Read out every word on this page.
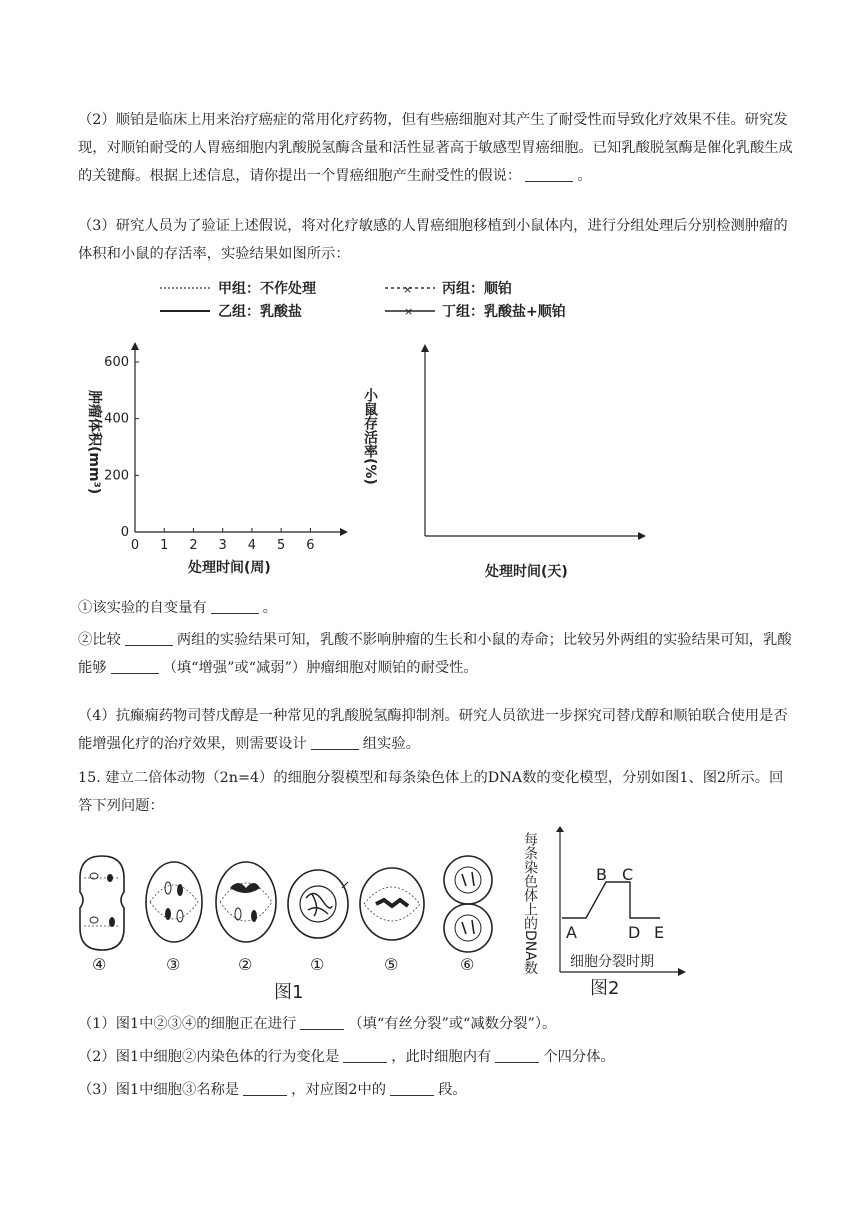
（2）顺铂是临床上用来治疗癌症的常用化疗药物，但有些癌细胞对其产生了耐受性而导致化疗效果不佳。研究发现，对顺铂耐受的人胃癌细胞内乳酸脱氢酶含量和活性显著高于敏感型胃癌细胞。已知乳酸脱氢酶是催化乳酸生成的关键酶。根据上述信息，请你提出一个胃癌细胞产生耐受性的假说：	。

（3）研究人员为了验证上述假说，将对化疗敏感的人胃癌细胞移植到小鼠体内，进行分组处理后分别检测肿瘤的体积和小鼠的存活率，实验结果如图所示：

甲组：不作处理
乙组：乳酸盐
× 丙组：顺铂
× 丁组：乳酸盐+顺铂
0 1 2 3 4 5 6
0
200
400
600
肿瘤体积(mm³)
处理时间(周)
小鼠存活率(%)
处理时间(天)

①该实验的自变量有	。

②比较	两组的实验结果可知，乳酸不影响肿瘤的生长和小鼠的寿命；比较另外两组的实验结果可知，乳酸能够	（填“增强”或“减弱”）肿瘤细胞对顺铂的耐受性。

（4）抗癫痫药物司替戊醇是一种常见的乳酸脱氢酶抑制剂。研究人员欲进一步探究司替戊醇和顺铂联合使用是否能增强化疗的治疗效果，则需要设计	组实验。

15. 建立二倍体动物（2n=4）的细胞分裂模型和每条染色体上的DNA数的变化模型，分别如图1、图2所示。回答下列问题：

④	③	②	①	⑤	⑥
图1
每条染色体上的DNA数 A
B C
D E
细胞分裂时期
图2

（1）图1中②③④的细胞正在进行	（填“有丝分裂”或“减数分裂”）。

（2）图1中细胞②内染色体的行为变化是	，此时细胞内有	个四分体。

（3）图1中细胞③名称是	，对应图2中的	段。
